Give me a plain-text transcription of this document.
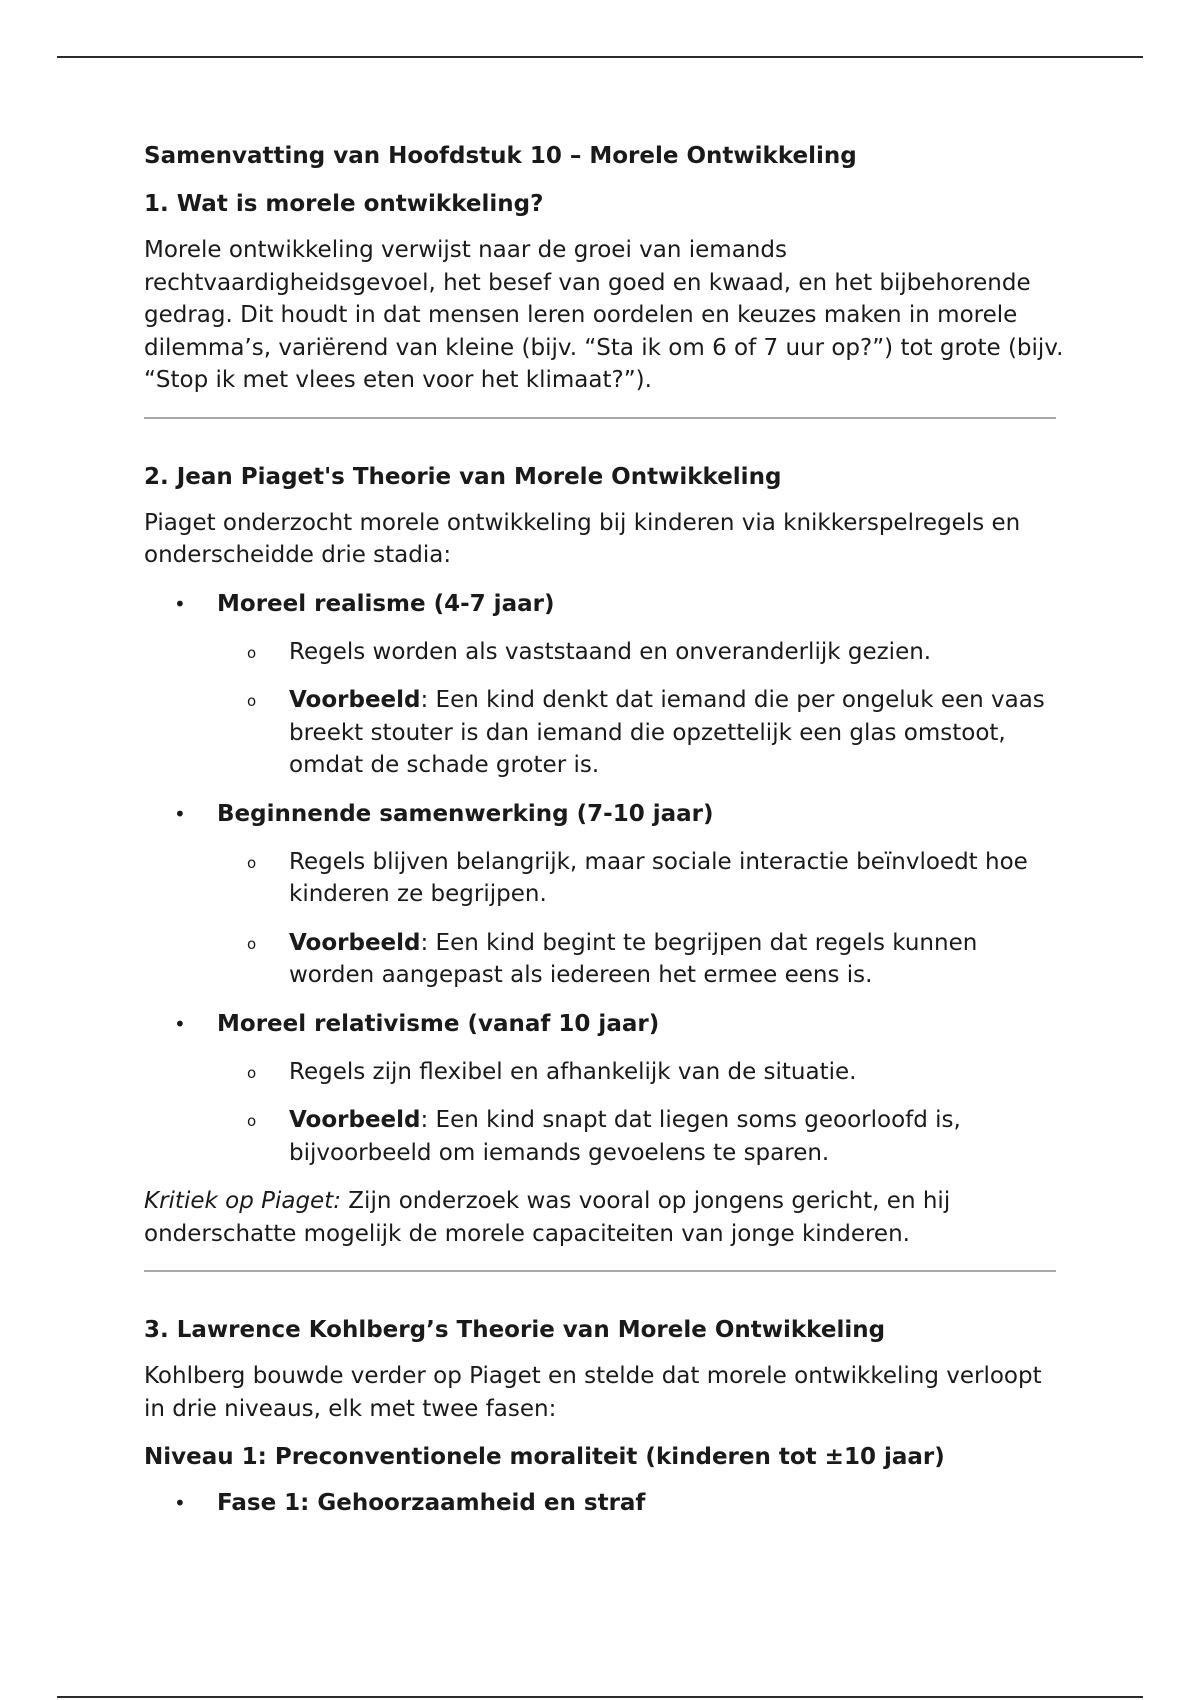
Samenvatting van Hoofdstuk 10 – Morele Ontwikkeling
1. Wat is morele ontwikkeling?

Morele ontwikkeling verwijst naar de groei van iemands rechtvaardigheidsgevoel, het besef van goed en kwaad, en het bijbehorende gedrag. Dit houdt in dat mensen leren oordelen en keuzes maken in morele dilemma’s, variërend van kleine (bijv. “Sta ik om 6 of 7 uur op?”) tot grote (bijv. “Stop ik met vlees eten voor het klimaat?”).

2. Jean Piaget's Theorie van Morele Ontwikkeling

Piaget onderzocht morele ontwikkeling bij kinderen via knikkerspelregels en onderscheidde drie stadia:

• Moreel realisme (4-7 jaar)
o Regels worden als vaststaand en onveranderlijk gezien.
o Voorbeeld: Een kind denkt dat iemand die per ongeluk een vaas breekt stouter is dan iemand die opzettelijk een glas omstoot, omdat de schade groter is.
• Beginnende samenwerking (7-10 jaar)
o Regels blijven belangrijk, maar sociale interactie beïnvloedt hoe kinderen ze begrijpen.
o Voorbeeld: Een kind begint te begrijpen dat regels kunnen worden aangepast als iedereen het ermee eens is.
• Moreel relativisme (vanaf 10 jaar)
o Regels zijn flexibel en afhankelijk van de situatie.
o Voorbeeld: Een kind snapt dat liegen soms geoorloofd is, bijvoorbeeld om iemands gevoelens te sparen.

Kritiek op Piaget: Zijn onderzoek was vooral op jongens gericht, en hij onderschatte mogelijk de morele capaciteiten van jonge kinderen.

3. Lawrence Kohlberg’s Theorie van Morele Ontwikkeling

Kohlberg bouwde verder op Piaget en stelde dat morele ontwikkeling verloopt in drie niveaus, elk met twee fasen:

Niveau 1: Preconventionele moraliteit (kinderen tot ±10 jaar)
• Fase 1: Gehoorzaamheid en straf
